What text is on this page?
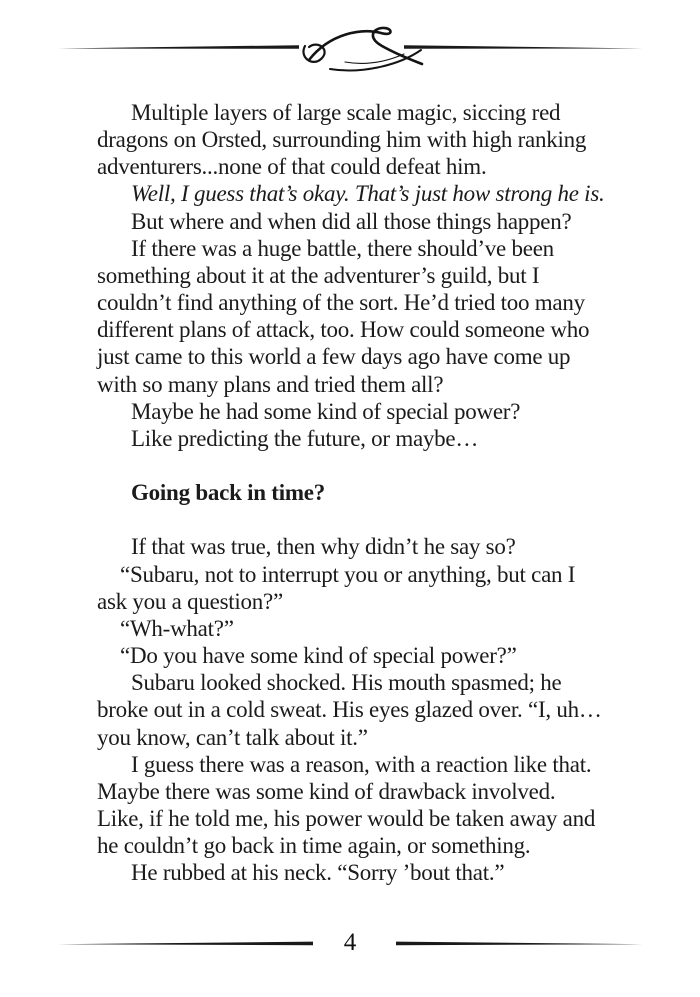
Multiple layers of large scale magic, siccing red
dragons on Orsted, surrounding him with high ranking
adventurers...none of that could defeat him.

Well, I guess that’s okay. That’s just how strong he is.

But where and when did all those things happen?

If there was a huge battle, there should’ve been
something about it at the adventurer’s guild, but I
couldn’t find anything of the sort. He’d tried too many
different plans of attack, too. How could someone who
just came to this world a few days ago have come up
with so many plans and tried them all?

Maybe he had some kind of special power?

Like predicting the future, or maybe…

Going back in time?

If that was true, then why didn’t he say so?

“Subaru, not to interrupt you or anything, but can I
ask you a question?”

“Wh-what?”

“Do you have some kind of special power?”

Subaru looked shocked. His mouth spasmed; he
broke out in a cold sweat. His eyes glazed over. “I, uh…
you know, can’t talk about it.”

I guess there was a reason, with a reaction like that.
Maybe there was some kind of drawback involved.
Like, if he told me, his power would be taken away and
he couldn’t go back in time again, or something.

He rubbed at his neck. “Sorry ’bout that.”

4
